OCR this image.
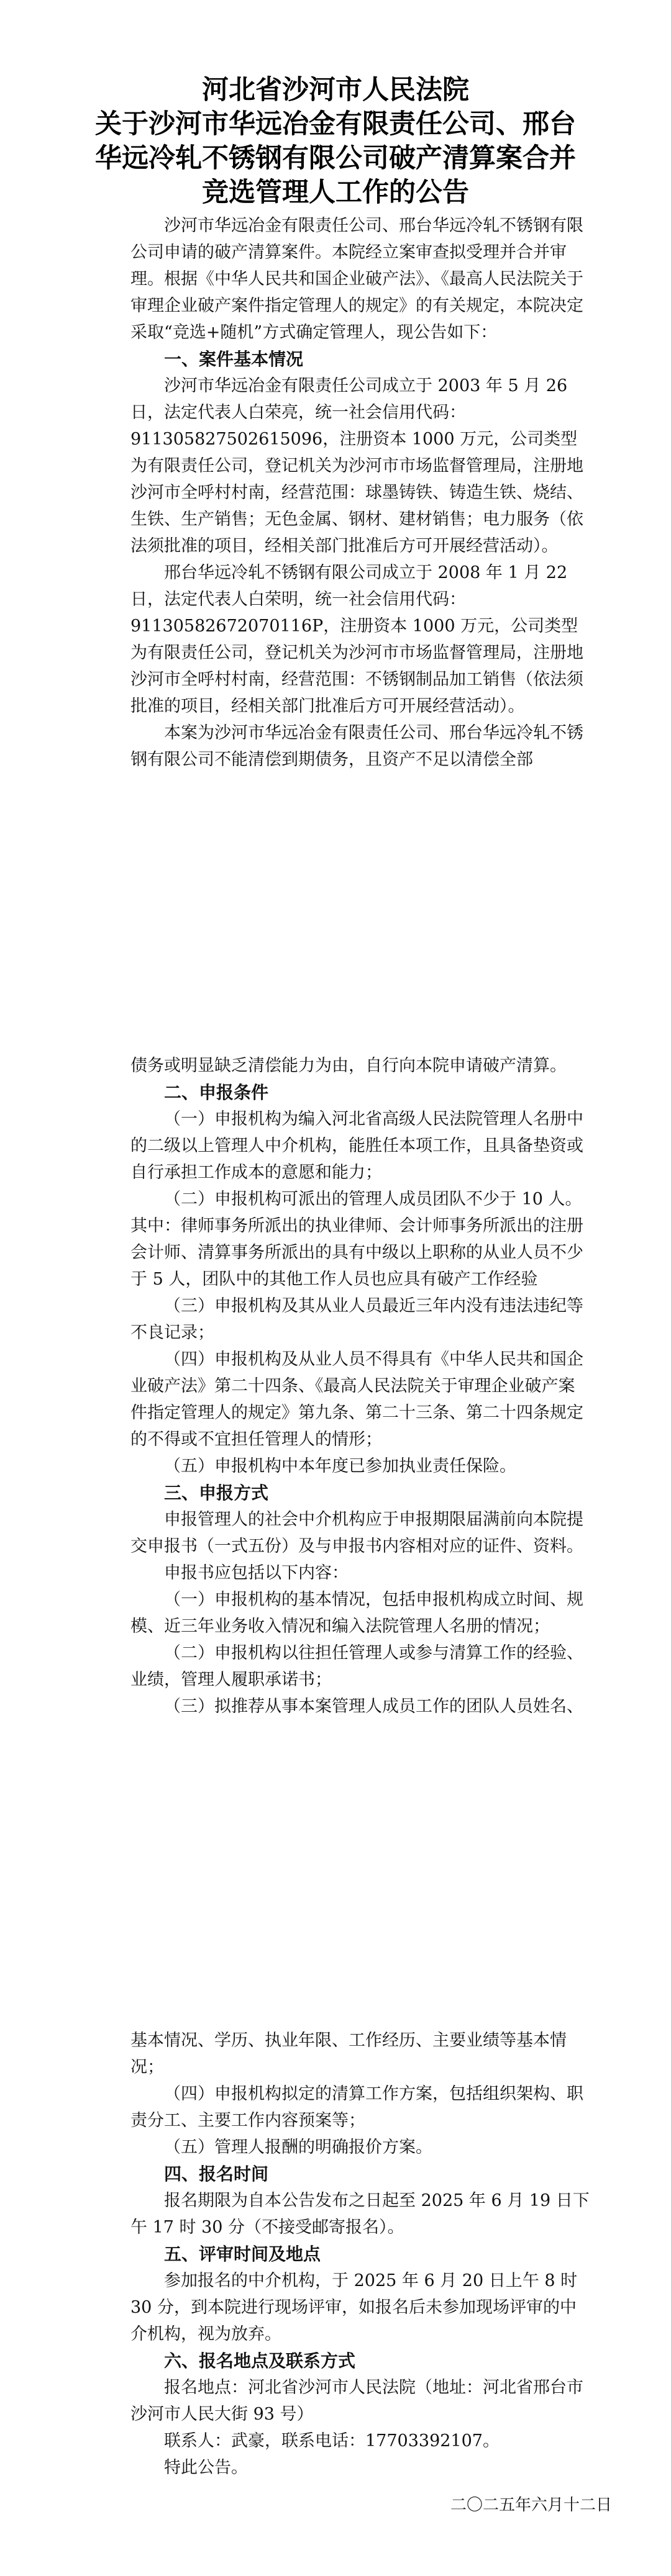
河北省沙河市人民法院
关于沙河市华远冶金有限责任公司、邢台华远冷轧不锈钢有限公司破产清算案合并竞选管理人工作的公告

沙河市华远冶金有限责任公司、邢台华远冷轧不锈钢有限公司申请的破产清算案件。本院经立案审查拟受理并合并审理。根据《中华人民共和国企业破产法》、《最高人民法院关于审理企业破产案件指定管理人的规定》的有关规定，本院决定采取“竞选+随机”方式确定管理人，现公告如下：

一、案件基本情况

沙河市华远冶金有限责任公司成立于 2003 年 5 月 26 日，法定代表人白荣亮，统一社会信用代码：911305827502615096，注册资本 1000 万元，公司类型为有限责任公司，登记机关为沙河市市场监督管理局，注册地沙河市全呼村村南，经营范围：球墨铸铁、铸造生铁、烧结、生铁、生产销售；无色金属、钢材、建材销售；电力服务（依法须批准的项目，经相关部门批准后方可开展经营活动）。

邢台华远冷轧不锈钢有限公司成立于 2008 年 1 月 22 日，法定代表人白荣明，统一社会信用代码：91130582672070116P，注册资本 1000 万元，公司类型为有限责任公司，登记机关为沙河市市场监督管理局，注册地沙河市全呼村村南，经营范围：不锈钢制品加工销售（依法须批准的项目，经相关部门批准后方可开展经营活动）。

本案为沙河市华远冶金有限责任公司、邢台华远冷轧不锈钢有限公司不能清偿到期债务，且资产不足以清偿全部

债务或明显缺乏清偿能力为由，自行向本院申请破产清算。

二、申报条件

（一）申报机构为编入河北省高级人民法院管理人名册中的二级以上管理人中介机构，能胜任本项工作，且具备垫资或自行承担工作成本的意愿和能力；

（二）申报机构可派出的管理人成员团队不少于 10 人。其中：律师事务所派出的执业律师、会计师事务所派出的注册会计师、清算事务所派出的具有中级以上职称的从业人员不少于 5 人，团队中的其他工作人员也应具有破产工作经验

（三）申报机构及其从业人员最近三年内没有违法违纪等不良记录；

（四）申报机构及从业人员不得具有《中华人民共和国企业破产法》第二十四条、《最高人民法院关于审理企业破产案件指定管理人的规定》第九条、第二十三条、第二十四条规定的不得或不宜担任管理人的情形；

（五）申报机构中本年度已参加执业责任保险。

三、申报方式

申报管理人的社会中介机构应于申报期限届满前向本院提交申报书（一式五份）及与申报书内容相对应的证件、资料。

申报书应包括以下内容：

（一）申报机构的基本情况，包括申报机构成立时间、规模、近三年业务收入情况和编入法院管理人名册的情况；

（二）申报机构以往担任管理人或参与清算工作的经验、业绩，管理人履职承诺书；

（三）拟推荐从事本案管理人成员工作的团队人员姓名、

基本情况、学历、执业年限、工作经历、主要业绩等基本情况；

（四）申报机构拟定的清算工作方案，包括组织架构、职责分工、主要工作内容预案等；

（五）管理人报酬的明确报价方案。

四、报名时间

报名期限为自本公告发布之日起至 2025 年 6 月 19 日下午 17 时 30 分（不接受邮寄报名）。

五、评审时间及地点

参加报名的中介机构，于 2025 年 6 月 20 日上午 8 时 30 分，到本院进行现场评审，如报名后未参加现场评审的中介机构，视为放弃。

六、报名地点及联系方式

报名地点：河北省沙河市人民法院（地址：河北省邢台市沙河市人民大街 93 号）

联系人：武豪，联系电话：17703392107。

特此公告。

二〇二五年六月十二日
